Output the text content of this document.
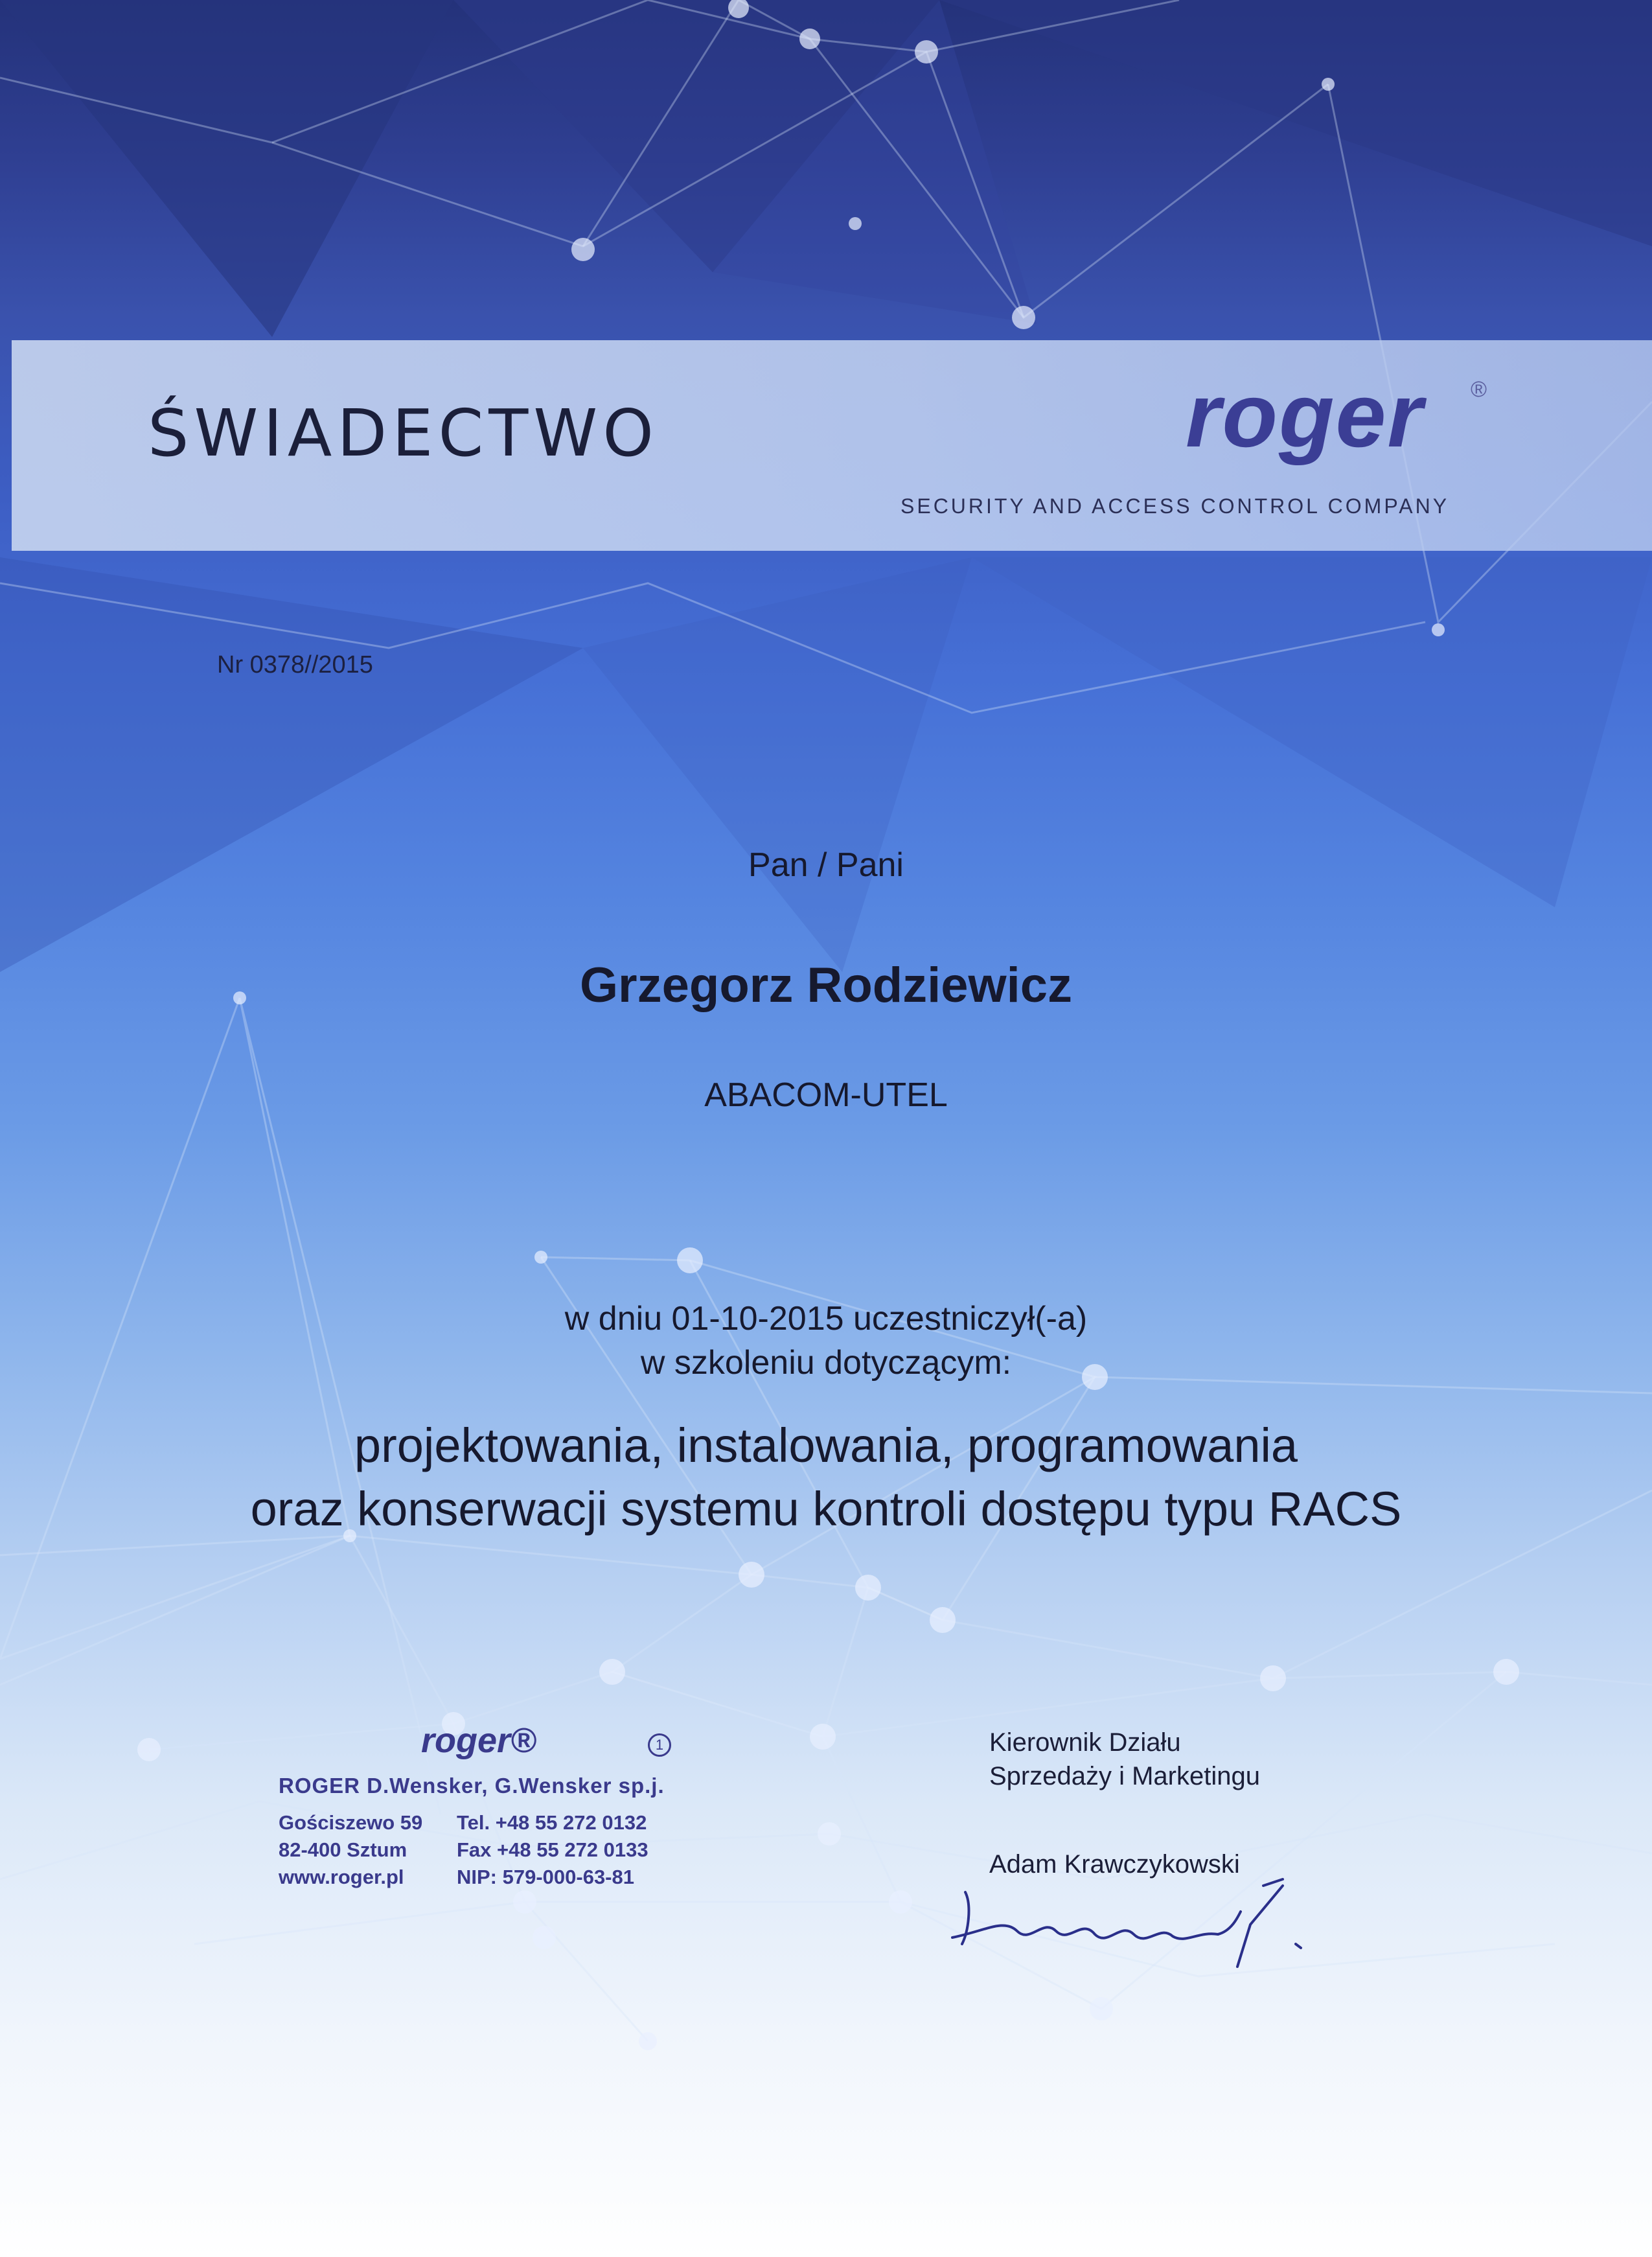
ŚWIADECTWO	roger ®
SECURITY AND ACCESS CONTROL COMPANY
Nr 0378//2015
Pan / Pani
Grzegorz Rodziewicz
ABACOM-UTEL
w dniu 01-10-2015 uczestniczył(-a)
w szkoleniu dotyczącym:
projektowania, instalowania, programowania
oraz konserwacji systemu kontroli dostępu typu RACS
roger®	1
ROGER D.Wensker, G.Wensker sp.j.
Gościszewo 59
82-400 Sztum
www.roger.pl
Tel. +48 55 272 0132
Fax +48 55 272 0133
NIP: 579-000-63-81
Kierownik Działu
Sprzedaży i Marketingu
Adam Krawczykowski
